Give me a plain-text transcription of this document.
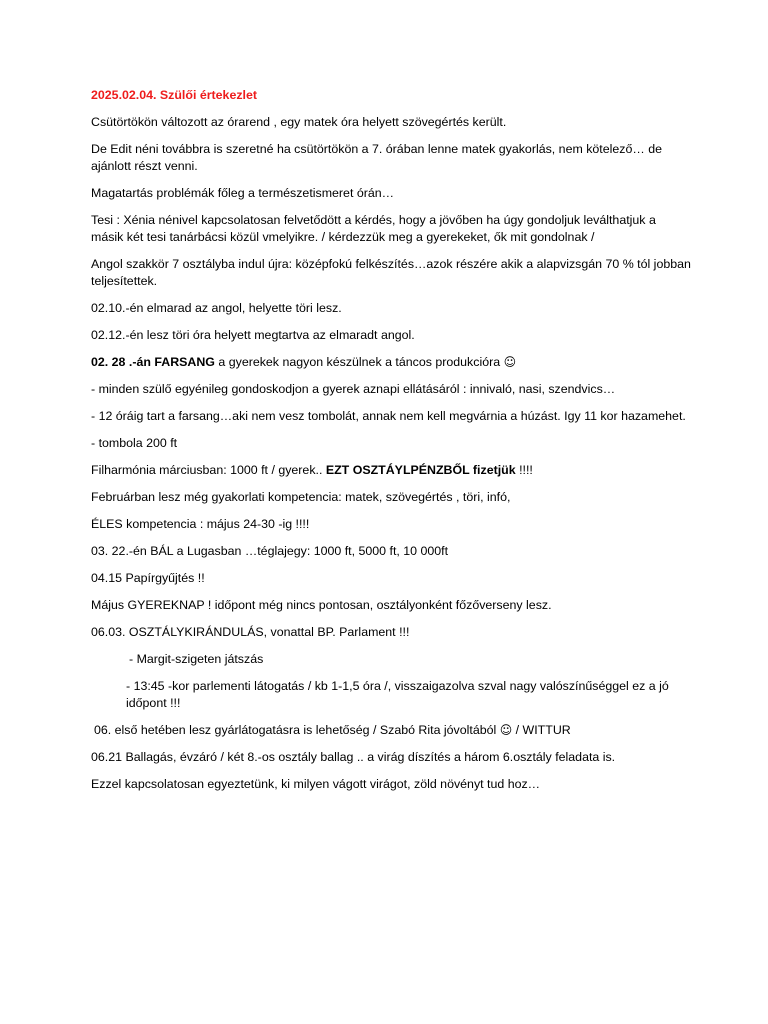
2025.02.04. Szülői értekezlet

Csütörtökön változott az órarend , egy matek óra helyett szövegértés került.

De Edit néni továbbra is szeretné ha csütörtökön a 7. órában lenne matek gyakorlás, nem kötelező… de ajánlott részt venni.

Magatartás problémák főleg a természetismeret órán…

Tesi : Xénia nénivel kapcsolatosan felvetődött a kérdés, hogy a jövőben ha úgy gondoljuk leválthatjuk a másik két tesi tanárbácsi közül vmelyikre. / kérdezzük meg a gyerekeket, ők mit gondolnak /

Angol szakkör 7 osztályba indul újra: középfokú felkészítés…azok részére akik a alapvizsgán 70 % tól jobban teljesítettek.

02.10.-én elmarad az angol, helyette töri lesz.

02.12.-én lesz töri óra helyett megtartva az elmaradt angol.

02. 28 .-án FARSANG a gyerekek nagyon készülnek a táncos produkcióra ☺

- minden szülő egyénileg gondoskodjon a gyerek aznapi ellátásáról : innivaló, nasi, szendvics…

- 12 óráig tart a farsang…aki nem vesz tombolát, annak nem kell megvárnia a húzást. Igy 11 kor hazamehet.

- tombola 200 ft

Filharmónia márciusban: 1000 ft / gyerek.. EZT OSZTÁYLPÉNZBŐL fizetjük !!!!

Februárban lesz még gyakorlati kompetencia: matek, szövegértés , töri, infó,

ÉLES kompetencia : május 24-30 -ig !!!!

03. 22.-én BÁL a Lugasban …téglajegy: 1000 ft, 5000 ft, 10 000ft

04.15 Papírgyűjtés !!

Május GYEREKNAP ! időpont még nincs pontosan, osztályonként főzőverseny lesz.

06.03. OSZTÁLYKIRÁNDULÁS, vonattal BP. Parlament !!!

- Margit-szigeten játszás

- 13:45 -kor parlementi látogatás / kb 1-1,5 óra /, visszaigazolva szval nagy valószínűséggel ez a jó időpont !!!

06. első hetében lesz gyárlátogatásra is lehetőség / Szabó Rita jóvoltából ☺ / WITTUR

06.21 Ballagás, évzáró / két 8.-os osztály ballag .. a virág díszítés a három 6.osztály feladata is.

Ezzel kapcsolatosan egyeztetünk, ki milyen vágott virágot, zöld növényt tud hoz…
